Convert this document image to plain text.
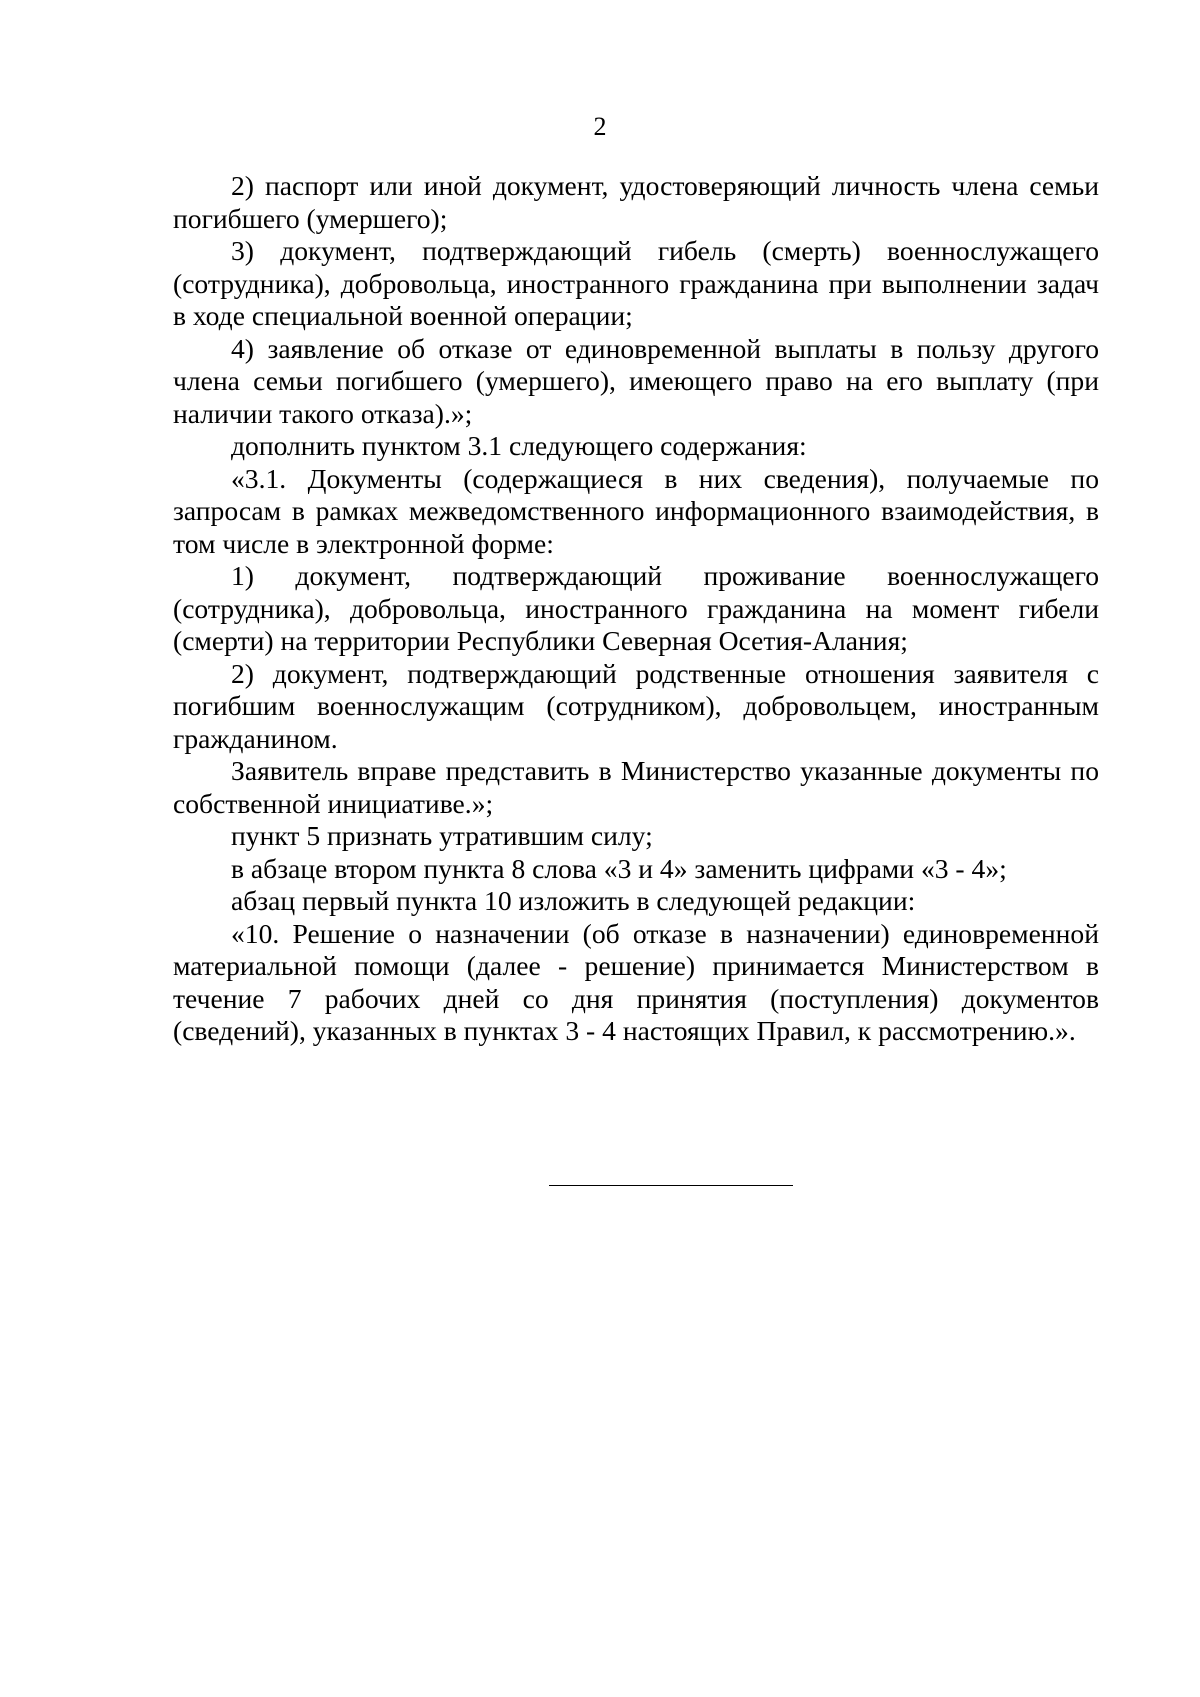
2

2) паспорт или иной документ, удостоверяющий личность члена семьи погибшего (умершего);

3) документ, подтверждающий гибель (смерть) военнослужащего (сотрудника), добровольца, иностранного гражданина при выполнении задач в ходе специальной военной операции;

4) заявление об отказе от единовременной выплаты в пользу другого члена семьи погибшего (умершего), имеющего право на его выплату (при наличии такого отказа).»;

дополнить пунктом 3.1 следующего содержания:

«3.1. Документы (содержащиеся в них сведения), получаемые по запросам в рамках межведомственного информационного взаимодействия, в том числе в электронной форме:

1) документ, подтверждающий проживание военнослужащего (сотрудника), добровольца, иностранного гражданина на момент гибели (смерти) на территории Республики Северная Осетия-Алания;

2) документ, подтверждающий родственные отношения заявителя с погибшим военнослужащим (сотрудником), добровольцем, иностранным гражданином.

Заявитель вправе представить в Министерство указанные документы по собственной инициативе.»;

пункт 5 признать утратившим силу;

в абзаце втором пункта 8 слова «3 и 4» заменить цифрами «3 - 4»;

абзац первый пункта 10 изложить в следующей редакции:

«10. Решение о назначении (об отказе в назначении) единовременной материальной помощи (далее - решение) принимается Министерством в течение 7 рабочих дней со дня принятия (поступления) документов (сведений), указанных в пунктах 3 - 4 настоящих Правил, к рассмотрению.».
